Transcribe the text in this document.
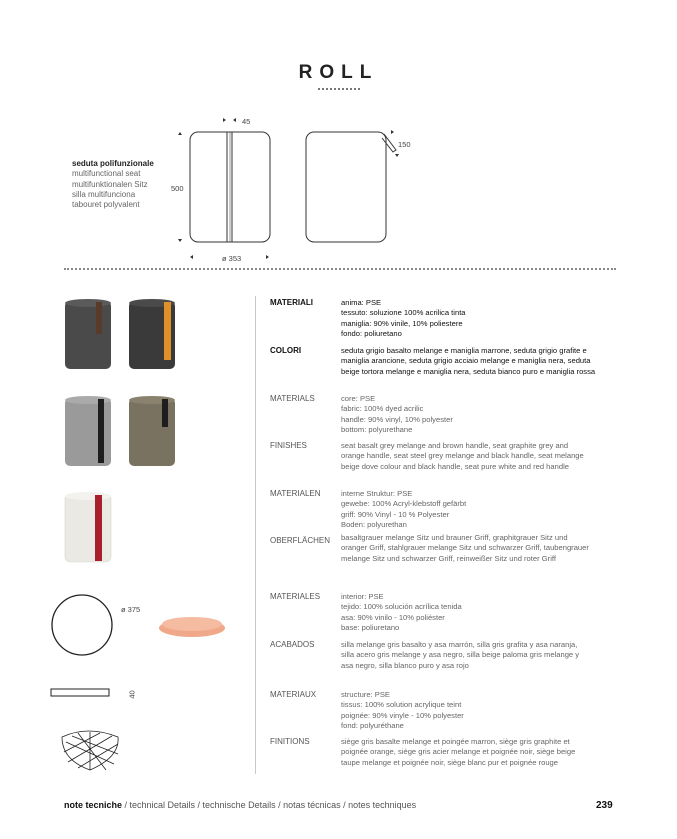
ROLL
45
500
ø 353
150
seduta polifunzionale
multifunctional seat
multifunktionalen Sitz
silla multifunciona
tabouret polyvalent
ø 375
40
MATERIALI	anima: PSE
tessuto: soluzione 100% acrilica tinta
maniglia: 90% vinile, 10% poliestere
fondo: poliuretano
COLORI	seduta grigio basalto melange e maniglia marrone, seduta grigio grafite e
maniglia arancione, seduta grigio acciaio melange e maniglia nera, seduta
beige tortora melange e maniglia nera, seduta bianco puro e maniglia rossa
MATERIALS	core: PSE
fabric: 100% dyed acrilic
handle: 90% vinyl, 10% polyester
bottom: polyurethane
FINISHES	seat basalt grey melange and brown handle, seat graphite grey and
orange handle, seat steel grey melange and black handle, seat melange
beige dove colour and black handle, seat pure white and red handle
MATERIALEN	interne Struktur: PSE
gewebe: 100% Acryl-klebstoff gefärbt
griff: 90% Vinyl - 10 % Polyester
Boden: polyurethan
OBERFLÄCHEN basaltgrauer melange Sitz und brauner Griff, graphitgrauer Sitz und
oranger Griff, stahlgrauer melange Sitz und schwarzer Griff, taubengrauer
melange Sitz und schwarzer Griff, reinweißer Sitz und roter Griff
MATERIALES	interior: PSE
tejido: 100% solución acrílica tenida
asa: 90% vinilo - 10% poliéster
base: poliuretano
ACABADOS	silla melange gris basalto y asa marrón, silla gris grafita y asa naranja,
silla acero gris melange y asa negro, silla beige paloma gris melange y
asa negro, silla blanco puro y asa rojo
MATERIAUX	structure: PSE
tissus: 100% solution acrylique teint
poignée: 90% vinyle - 10% polyester
fond: polyuréthane
FINITIONS	siège gris basalte melange et poingée marron, siège gris graphite et
poignée orange, siège gris acier melange et poignée noir, siège beige
taupe melange et poignée noir, siège blanc pur et poignée rouge
note tecniche / technical Details / technische Details / notas técnicas / notes techniques	239
